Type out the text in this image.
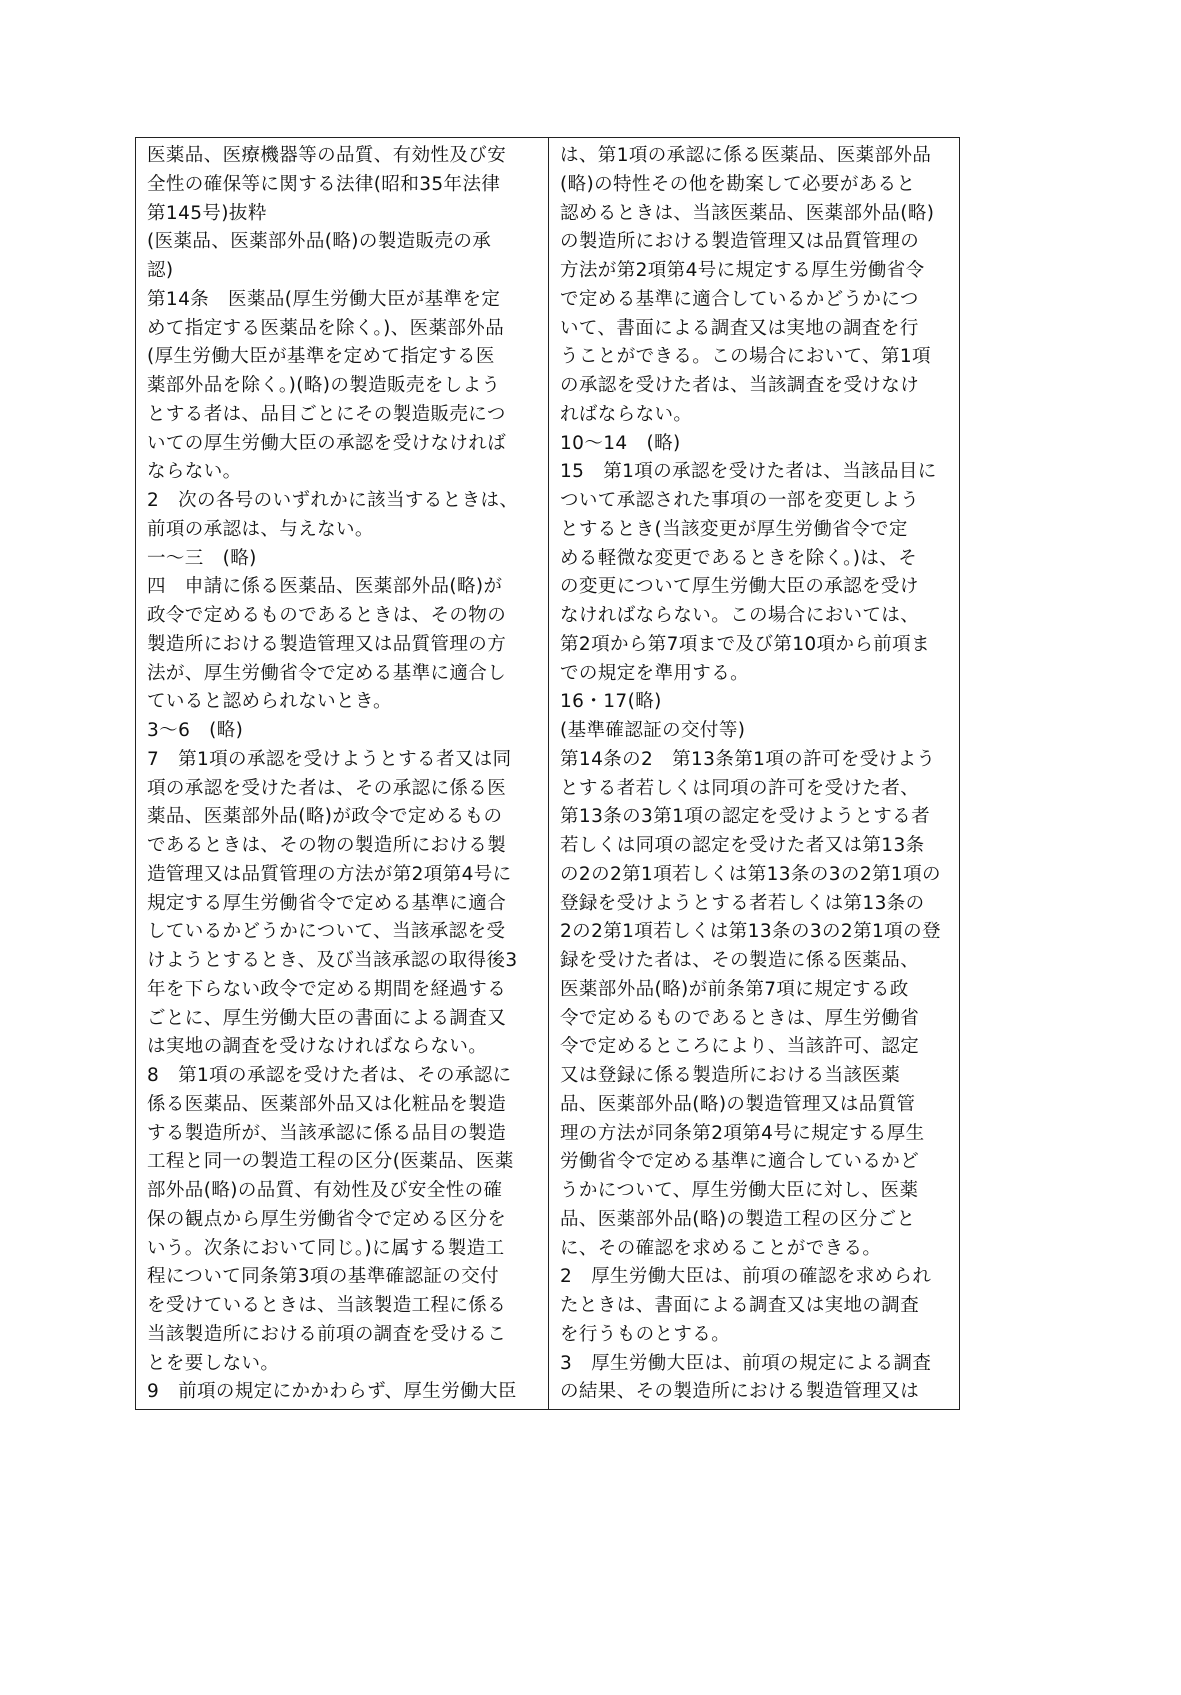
医薬品、医療機器等の品質、有効性及び安
全性の確保等に関する法律(昭和35年法律
第145号)抜粋
(医薬品、医薬部外品(略)の製造販売の承
認)
第14条　医薬品(厚生労働大臣が基準を定
めて指定する医薬品を除く。)、医薬部外品
(厚生労働大臣が基準を定めて指定する医
薬部外品を除く。)(略)の製造販売をしよう
とする者は、品目ごとにその製造販売につ
いての厚生労働大臣の承認を受けなければ
ならない。
2　次の各号のいずれかに該当するときは、
前項の承認は、与えない。
一～三　(略)
四　申請に係る医薬品、医薬部外品(略)が
政令で定めるものであるときは、その物の
製造所における製造管理又は品質管理の方
法が、厚生労働省令で定める基準に適合し
ていると認められないとき。
3～6　(略)
7　第1項の承認を受けようとする者又は同
項の承認を受けた者は、その承認に係る医
薬品、医薬部外品(略)が政令で定めるもの
であるときは、その物の製造所における製
造管理又は品質管理の方法が第2項第4号に
規定する厚生労働省令で定める基準に適合
しているかどうかについて、当該承認を受
けようとするとき、及び当該承認の取得後3
年を下らない政令で定める期間を経過する
ごとに、厚生労働大臣の書面による調査又
は実地の調査を受けなければならない。
8　第1項の承認を受けた者は、その承認に
係る医薬品、医薬部外品又は化粧品を製造
する製造所が、当該承認に係る品目の製造
工程と同一の製造工程の区分(医薬品、医薬
部外品(略)の品質、有効性及び安全性の確
保の観点から厚生労働省令で定める区分を
いう。次条において同じ。)に属する製造工
程について同条第3項の基準確認証の交付
を受けているときは、当該製造工程に係る
当該製造所における前項の調査を受けるこ
とを要しない。
9　前項の規定にかかわらず、厚生労働大臣
は、第1項の承認に係る医薬品、医薬部外品
(略)の特性その他を勘案して必要があると
認めるときは、当該医薬品、医薬部外品(略)
の製造所における製造管理又は品質管理の
方法が第2項第4号に規定する厚生労働省令
で定める基準に適合しているかどうかにつ
いて、書面による調査又は実地の調査を行
うことができる。この場合において、第1項
の承認を受けた者は、当該調査を受けなけ
ればならない。
10～14　(略)
15　第1項の承認を受けた者は、当該品目に
ついて承認された事項の一部を変更しよう
とするとき(当該変更が厚生労働省令で定
める軽微な変更であるときを除く。)は、そ
の変更について厚生労働大臣の承認を受け
なければならない。この場合においては、
第2項から第7項まで及び第10項から前項ま
での規定を準用する。
16・17(略)
(基準確認証の交付等)
第14条の2　第13条第1項の許可を受けよう
とする者若しくは同項の許可を受けた者、
第13条の3第1項の認定を受けようとする者
若しくは同項の認定を受けた者又は第13条
の2の2第1項若しくは第13条の3の2第1項の
登録を受けようとする者若しくは第13条の
2の2第1項若しくは第13条の3の2第1項の登
録を受けた者は、その製造に係る医薬品、
医薬部外品(略)が前条第7項に規定する政
令で定めるものであるときは、厚生労働省
令で定めるところにより、当該許可、認定
又は登録に係る製造所における当該医薬
品、医薬部外品(略)の製造管理又は品質管
理の方法が同条第2項第4号に規定する厚生
労働省令で定める基準に適合しているかど
うかについて、厚生労働大臣に対し、医薬
品、医薬部外品(略)の製造工程の区分ごと
に、その確認を求めることができる。
2　厚生労働大臣は、前項の確認を求められ
たときは、書面による調査又は実地の調査
を行うものとする。
3　厚生労働大臣は、前項の規定による調査
の結果、その製造所における製造管理又は
